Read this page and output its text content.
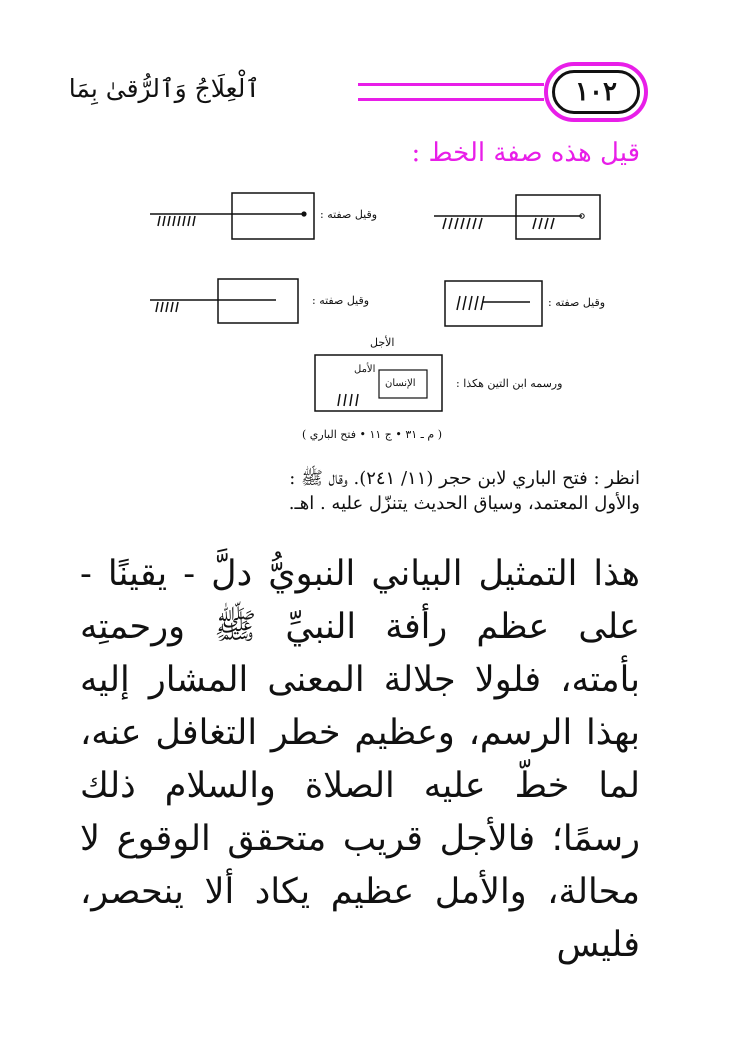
١٠٢
ٱلْعِلَاجُ وَٱلرُّقىٰ بِمَا
قيل هذه صفة الخط :
وقيل صفته :
وقيل صفته :
وقيل صفته :
الأجل
الأمل
الإنسان	ورسمه ابن التين هكذا :
( م ـ ٣١ • ج ١١ • فتح الباري )
انظر : فتح الباري لابن حجر (١١/ ٢٤١). وقال ﷺ :
والأول المعتمد، وسياق الحديث يتنزّل عليه . اهـ.
هذا التمثيل البياني النبويُّ دلَّ - يقينًا - على عظم رأفة النبيِّ ﷺ ورحمتِه بأمته، فلولا جلالة المعنى المشار إليه بهذا الرسم، وعظيم خطر التغافل عنه، لما خطّ عليه الصلاة والسلام ذلك رسمًا؛ فالأجل قريب متحقق الوقوع لا محالة، والأمل عظيم يكاد ألا ينحصر، فليس
